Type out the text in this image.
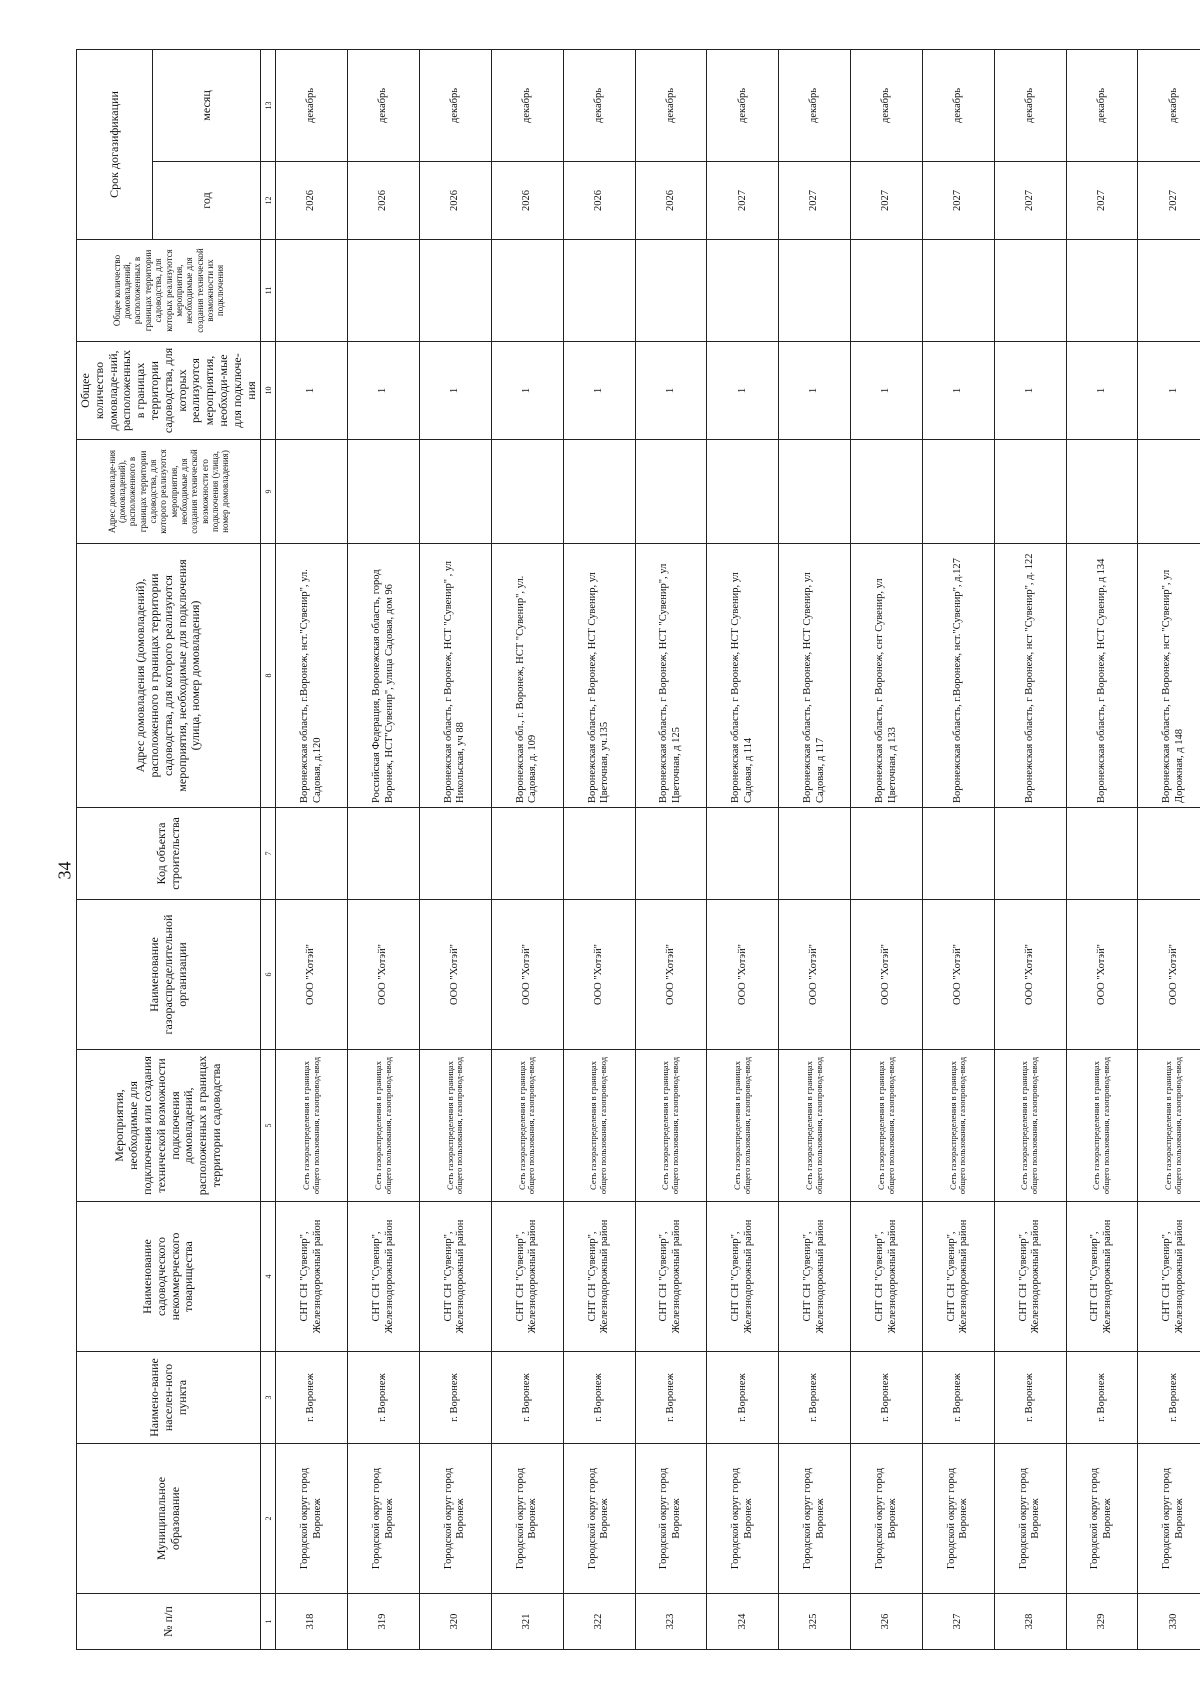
34
№ п/п	Муниципальное образование	Наимено-вание населен-ного пункта	Наименование садоводческого некоммерческого товарищества	Мероприятия, необходимые для подключения или создания технической возможности подключения домовладений, расположенных в границах территории садоводства	Наименование газораспределительной организации	Код объекта строительства	Адрес домовладения (домовладений), расположенного в границах территории садоводства, для которого реализуются мероприятия, необходимые для подключения (улица, номер домовладения)	Адрес домовладе-ния (домовладений), расположенного в границах территории садоводства, для которого реализуются мероприятия, необходимые для создания технической возможности его подключения (улица, номер домовладения)	Общее количество домовладе-ний, расположенных в границах территории садоводства, для которых реализуются мероприятия, необходи-мые для подключе-ния	Общее количество домовладений, расположенных в границах территории садоводства, для которых реализуются мероприятия, необходимые для создания технической возможности их подключения	Срок догазификации	
											год	месяц
1	2	3	4	5	6	7	8	9	10	11	12	13
318	Городской округ город Воронеж	г. Воронеж	СНТ СН "Сувенир", Железнодорожный район	Сеть газораспределения в границах общего пользования, газопровод-ввод	ООО "Хотэй"		Воронежская область, г.Воронеж, нст."Сувенир", ул. Садовая, д.120		1		2026	декабрь
319	Городской округ город Воронеж	г. Воронеж	СНТ СН "Сувенир", Железнодорожный район	Сеть газораспределения в границах общего пользования, газопровод-ввод	ООО "Хотэй"		Российская Федерация, Воронежская область, город Воронеж, НСТ"Сувенир", улица Садовая, дом 96		1		2026	декабрь
320	Городской округ город Воронеж	г. Воронеж	СНТ СН "Сувенир", Железнодорожный район	Сеть газораспределения в границах общего пользования, газопровод-ввод	ООО "Хотэй"		Воронежская область, г Воронеж, НСТ "Сувенир" , ул Никольская, уч 88		1		2026	декабрь
321	Городской округ город Воронеж	г. Воронеж	СНТ СН "Сувенир", Железнодорожный район	Сеть газораспределения в границах общего пользования, газопровод-ввод	ООО "Хотэй"		Воронежская обл., г. Воронеж, НСТ "Сувенир", ул. Садовая, д. 109		1		2026	декабрь
322	Городской округ город Воронеж	г. Воронеж	СНТ СН "Сувенир", Железнодорожный район	Сеть газораспределения в границах общего пользования, газопровод-ввод	ООО "Хотэй"		Воронежская область, г Воронеж, НСТ Сувенир, ул Цветочная, уч.135		1		2026	декабрь
323	Городской округ город Воронеж	г. Воронеж	СНТ СН "Сувенир", Железнодорожный район	Сеть газораспределения в границах общего пользования, газопровод-ввод	ООО "Хотэй"		Воронежская область, г Воронеж, НСТ "Сувенир", ул Цветочная, д 125		1		2026	декабрь
324	Городской округ город Воронеж	г. Воронеж	СНТ СН "Сувенир", Железнодорожный район	Сеть газораспределения в границах общего пользования, газопровод-ввод	ООО "Хотэй"		Воронежская область, г Воронеж, НСТ Сувенир, ул Садовая, д 114		1		2027	декабрь
325	Городской округ город Воронеж	г. Воронеж	СНТ СН "Сувенир", Железнодорожный район	Сеть газораспределения в границах общего пользования, газопровод-ввод	ООО "Хотэй"		Воронежская область, г Воронеж, НСТ Сувенир, ул Садовая, д 117		1		2027	декабрь
326	Городской округ город Воронеж	г. Воронеж	СНТ СН "Сувенир", Железнодорожный район	Сеть газораспределения в границах общего пользования, газопровод-ввод	ООО "Хотэй"		Воронежская область, г Воронеж, снт Сувенир, ул Цветочная, д 133		1		2027	декабрь
327	Городской округ город Воронеж	г. Воронеж	СНТ СН "Сувенир", Железнодорожный район	Сеть газораспределения в границах общего пользования, газопровод-ввод	ООО "Хотэй"		Воронежская область, г.Воронеж, нст."Сувенир", д.127		1		2027	декабрь
328	Городской округ город Воронеж	г. Воронеж	СНТ СН "Сувенир", Железнодорожный район	Сеть газораспределения в границах общего пользования, газопровод-ввод	ООО "Хотэй"		Воронежская область, г Воронеж, нст "Сувенир", д. 122		1		2027	декабрь
329	Городской округ город Воронеж	г. Воронеж	СНТ СН "Сувенир", Железнодорожный район	Сеть газораспределения в границах общего пользования, газопровод-ввод	ООО "Хотэй"		Воронежская область, г Воронеж, НСТ Сувенир, д 134		1		2027	декабрь
330	Городской округ город Воронеж	г. Воронеж	СНТ СН "Сувенир", Железнодорожный район	Сеть газораспределения в границах общего пользования, газопровод-ввод	ООО "Хотэй"		Воронежская область, г Воронеж, нст "Сувенир", ул Дорожная, д 148		1		2027	декабрь
